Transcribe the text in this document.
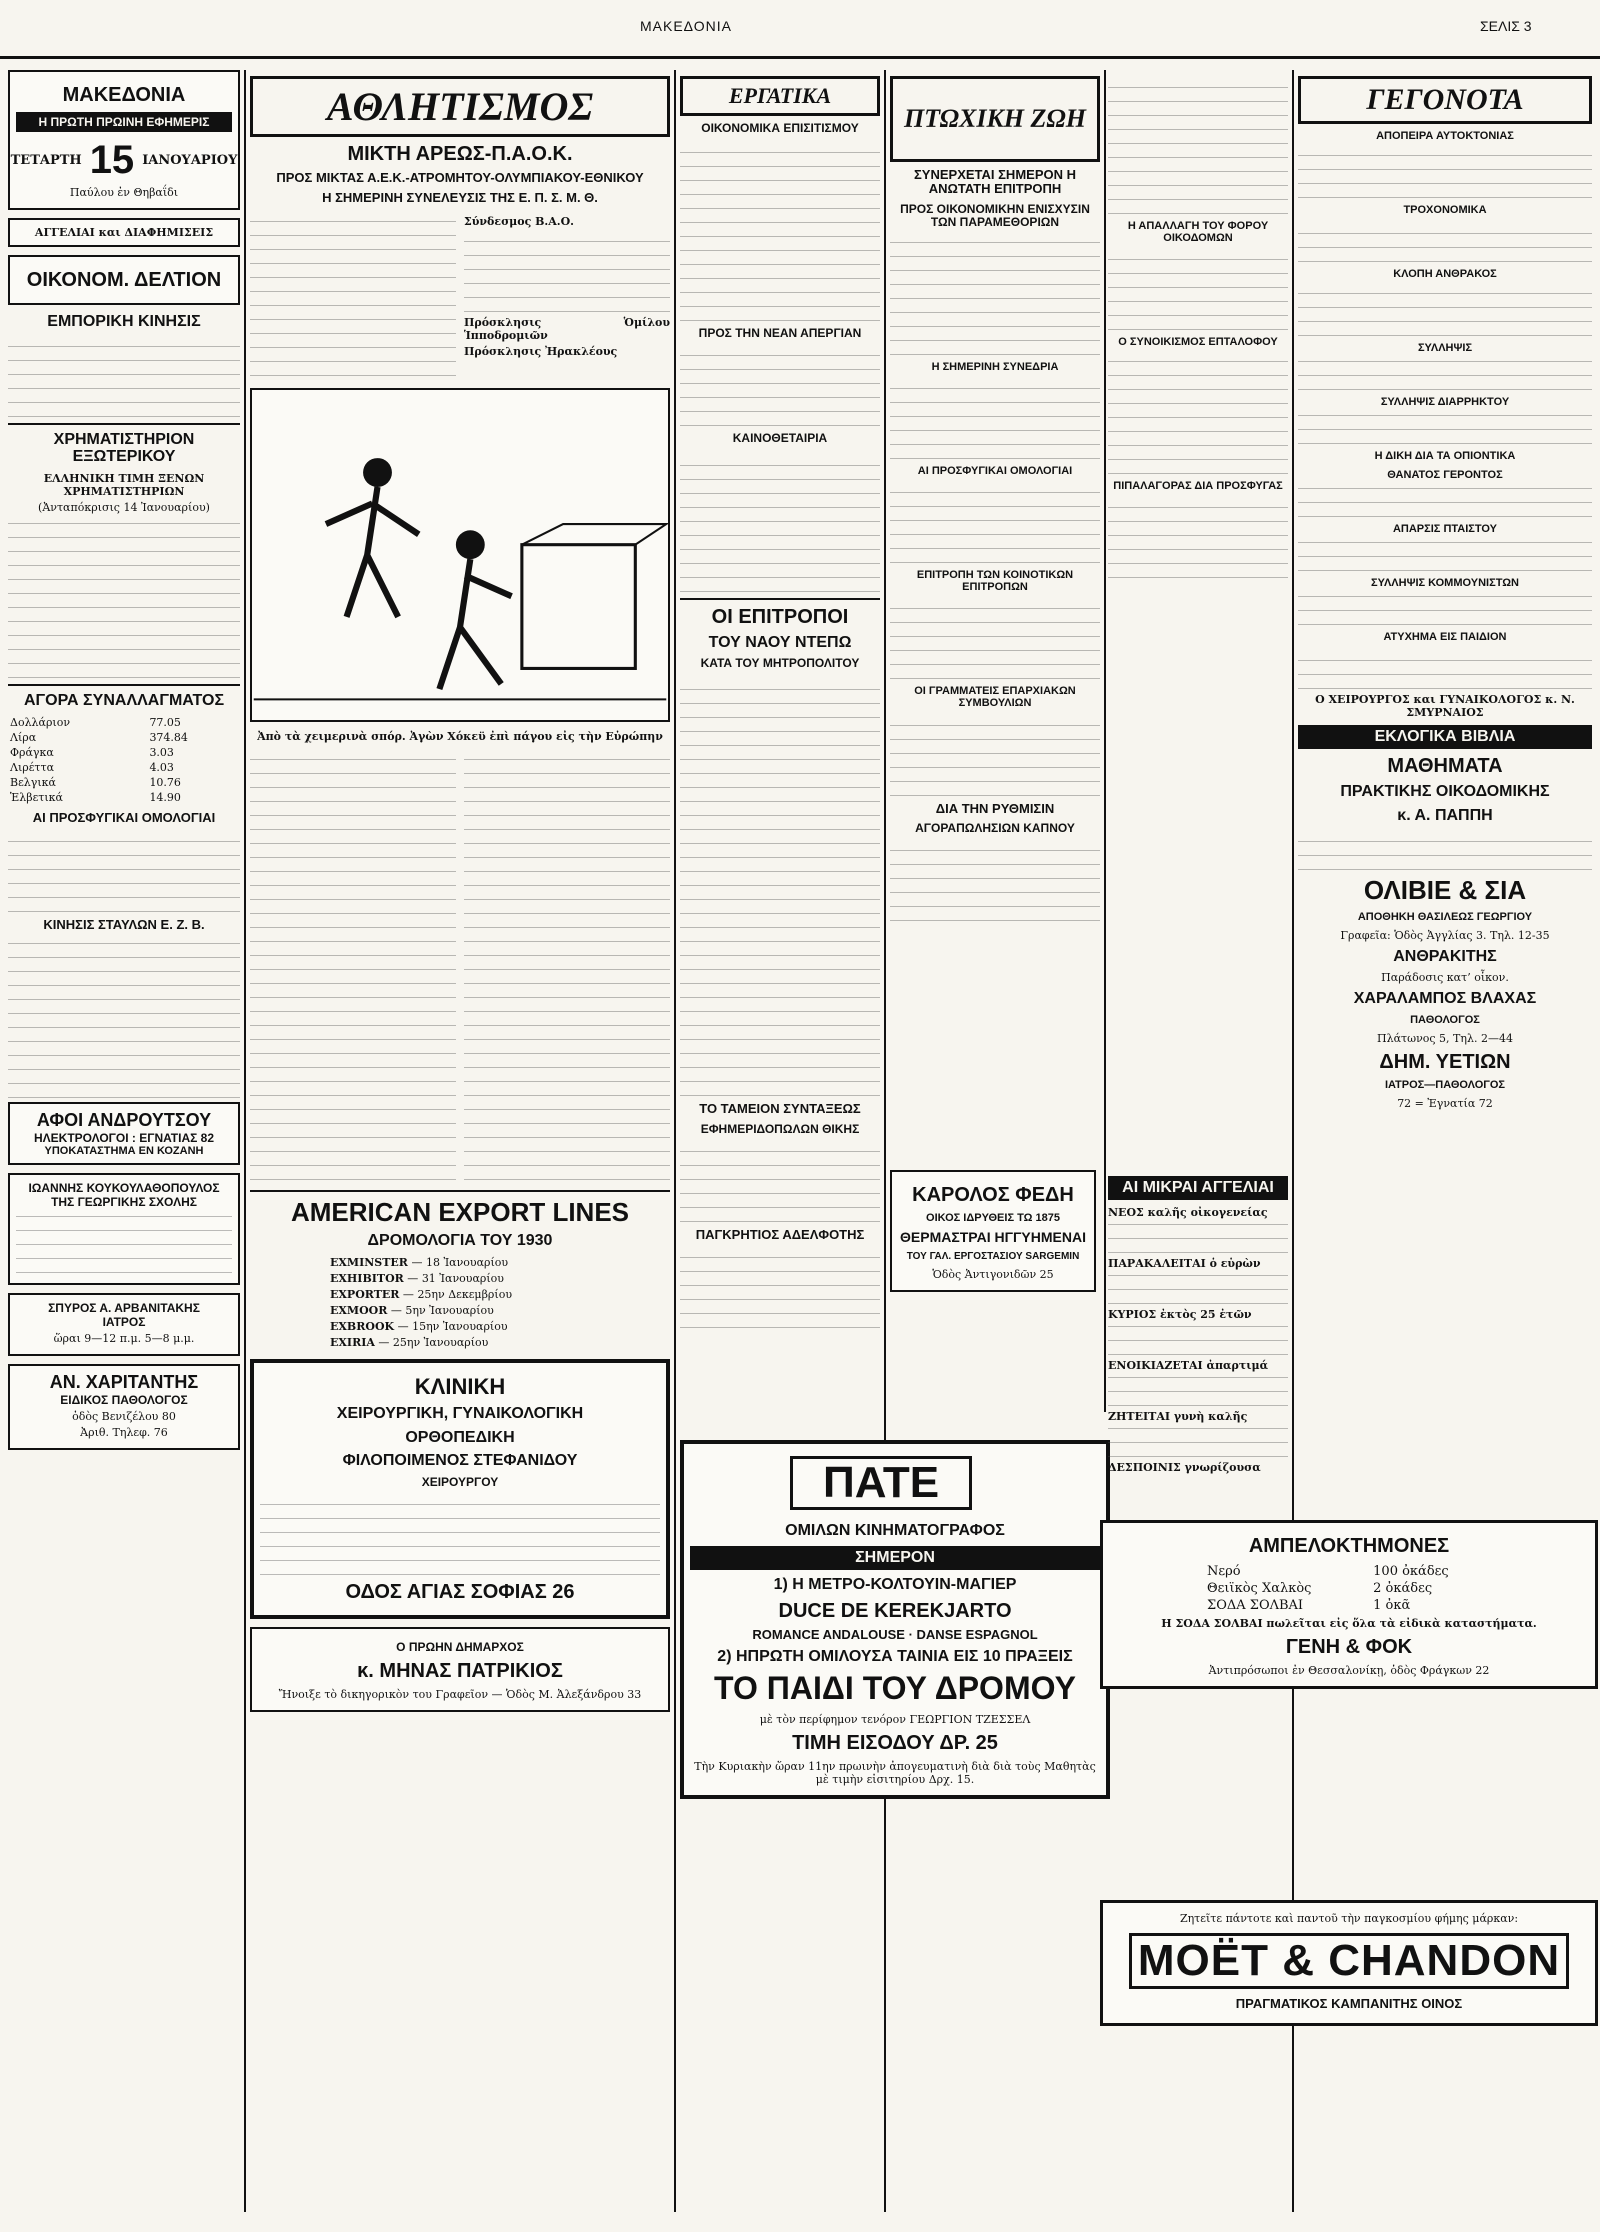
ΜΑΚΕΔΟΝΙΑ	ΣΕΛΙΣ 3
ΜΑΚΕΔΟΝΙΑ
Η ΠΡΩΤΗ ΠΡΩΙΝΗ ΕΦΗΜΕΡΙΣ
ΤΕΤΑΡΤΗ 15 ΙΑΝΟΥΑΡΙΟΥ
Παύλου ἐν Θηβαΐδι
ΑΓΓΕΛΙΑΙ και ΔΙΑΦΗΜΙΣΕΙΣ
ΟΙΚΟΝΟΜ. ΔΕΛΤΙΟΝ
ΕΜΠΟΡΙΚΗ ΚΙΝΗΣΙΣ
ΧΡΗΜΑΤΙΣΤΗΡΙΟΝ ΕΞΩΤΕΡΙΚΟΥ
ΕΛΛΗΝΙΚΗ ΤΙΜΗ ΞΕΝΩΝ ΧΡΗΜΑΤΙΣΤΗΡΙΩΝ
(Ἀνταπόκρισις 14 Ἰανουαρίου)
ΑΓΟΡΑ ΣΥΝΑΛΛΑΓΜΑΤΟΣ
Δολλάριον	77.05
Λίρα	374.84
Φράγκα	3.03
Λιρέττα	4.03
Βελγικά	10.76
Ἑλβετικά	14.90
ΑΙ ΠΡΟΣΦΥΓΙΚΑΙ ΟΜΟΛΟΓΙΑΙ
ΚΙΝΗΣΙΣ ΣΤΑΥΛΩΝ Ε. Ζ. Β.
ΑΦΟΙ ΑΝΔΡΟΥΤΣΟΥ
ΗΛΕΚΤΡΟΛΟΓΟΙ : ΕΓΝΑΤΙΑΣ 82
ΥΠΟΚΑΤΑΣΤΗΜΑ ΕΝ ΚΟΖΑΝΗ
ΙΩΑΝΝΗΣ ΚΟΥΚΟΥΛΑΘΟΠΟΥΛΟΣ
ΤΗΣ ΓΕΩΡΓΙΚΗΣ ΣΧΟΛΗΣ
ΣΠΥΡΟΣ Α. ΑΡΒΑΝΙΤΑΚΗΣ
ΙΑΤΡΟΣ
ὥραι 9—12 π.μ. 5—8 μ.μ.
ΑΝ. ΧΑΡΙΤΑΝΤΗΣ
ΕΙΔΙΚΟΣ ΠΑΘΟΛΟΓΟΣ
ὁδὸς Βενιζέλου 80
Ἀριθ. Τηλεφ. 76
ΑΘΛΗΤΙΣΜΟΣ
ΜΙΚΤΗ ΑΡΕΩΣ-Π.Α.Ο.Κ.
ΠΡΟΣ ΜΙΚΤΑΣ Α.Ε.Κ.-ΑΤΡΟΜΗΤΟΥ-ΟΛΥΜΠΙΑΚΟΥ-ΕΘΝΙΚΟΥ
Η ΣΗΜΕΡΙΝΗ ΣΥΝΕΛΕΥΣΙΣ ΤΗΣ Ε. Π. Σ. Μ. Θ.
Σύνδεσμος Β.Α.Ο.
Πρόσκλησις Ὁμίλου Ἱπποδρομιῶν
Πρόσκλησις Ἠρακλέους
Ἀπὸ τὰ χειμερινὰ σπόρ. Ἀγὼν Χόκεϋ ἐπὶ πάγου εἰς τὴν Εὐρώπην
AMERICAN EXPORT LINES
ΔΡΟΜΟΛΟΓΙΑ ΤΟΥ 1930
EXMINSTER — 18 Ἰανουαρίου
EXHIBITOR — 31 Ἰανουαρίου
EXPORTER — 25ην Δεκεμβρίου
EXMOOR — 5ην Ἰανουαρίου
EXBROOK — 15ην Ἰανουαρίου
EXIRIA — 25ην Ἰανουαρίου
ΚΛΙΝΙΚΗ
ΧΕΙΡΟΥΡΓΙΚΗ, ΓΥΝΑΙΚΟΛΟΓΙΚΗ
ΟΡΘΟΠΕΔΙΚΗ
ΦΙΛΟΠΟΙΜΕΝΟΣ ΣΤΕΦΑΝΙΔΟΥ
ΧΕΙΡΟΥΡΓΟΥ
ΟΔΟΣ ΑΓΙΑΣ ΣΟΦΙΑΣ 26
Ο ΠΡΩΗΝ ΔΗΜΑΡΧΟΣ
κ. ΜΗΝΑΣ ΠΑΤΡΙΚΙΟΣ
Ἤνοιξε τὸ δικηγορικὸν του Γραφεῖον — Ὁδὸς Μ. Ἀλεξάνδρου 33
ΕΡΓΑΤΙΚΑ
ΟΙΚΟΝΟΜΙΚΑ ΕΠΙΣΙΤΙΣΜΟΥ
ΠΡΟΣ ΤΗΝ ΝΕΑΝ ΑΠΕΡΓΙΑΝ
ΚΑΙΝΟΘΕΤΑΙΡΙΑ
ΟΙ ΕΠΙΤΡΟΠΟΙ
ΤΟΥ ΝΑΟΥ ΝΤΕΠΩ
ΚΑΤΑ ΤΟΥ ΜΗΤΡΟΠΟΛΙΤΟΥ
ΤΟ ΤΑΜΕΙΟΝ ΣΥΝΤΑΞΕΩΣ
ΕΦΗΜΕΡΙΔΟΠΩΛΩΝ ΘΙΚΗΣ
ΠΑΓΚΡΗΤΙΟΣ ΑΔΕΛΦΟΤΗΣ
ΠΑΤΕ
ΟΜΙΛΩΝ ΚΙΝΗΜΑΤΟΓΡΑΦΟΣ
ΣΗΜΕΡΟΝ
1) Η ΜΕΤΡΟ-ΚΟΛΤΟΥΙΝ-ΜΑΓΙΕΡ
DUCE DE KEREKJARTO
ROMANCE ANDALOUSE · DANSE ESPAGNOL
2) ΗΠΡΩΤΗ ΟΜΙΛΟΥΣΑ ΤΑΙΝΙΑ ΕΙΣ 10 ΠΡΑΞΕΙΣ
ΤΟ ΠΑΙΔΙ ΤΟΥ ΔΡΟΜΟΥ
μὲ τὸν περίφημον τενόρον ΓΕΩΡΓΙΟΝ ΤΖΕΣΣΕΛ
ΤΙΜΗ ΕΙΣΟΔΟΥ ΔΡ. 25
Τὴν Κυριακὴν ὥραν 11ην πρωινὴν ἀπογευματινὴ διὰ διὰ τοὺς Μαθητὰς μὲ τιμὴν εἰσιτηρίου Δρχ. 15.
ΠΤΩΧΙΚΗ ΖΩΗ
ΣΥΝΕΡΧΕΤΑΙ ΣΗΜΕΡΟΝ Η ΑΝΩΤΑΤΗ ΕΠΙΤΡΟΠΗ
ΠΡΟΣ ΟΙΚΟΝΟΜΙΚΗΝ ΕΝΙΣΧΥΣΙΝ ΤΩΝ ΠΑΡΑΜΕΘΟΡΙΩΝ
Η ΣΗΜΕΡΙΝΗ ΣΥΝΕΔΡΙΑ
ΑΙ ΠΡΟΣΦΥΓΙΚΑΙ ΟΜΟΛΟΓΙΑΙ
ΕΠΙΤΡΟΠΗ ΤΩΝ ΚΟΙΝΟΤΙΚΩΝ ΕΠΙΤΡΟΠΩΝ
ΟΙ ΓΡΑΜΜΑΤΕΙΣ ΕΠΑΡΧΙΑΚΩΝ ΣΥΜΒΟΥΛΙΩΝ
ΔΙΑ ΤΗΝ ΡΥΘΜΙΣΙΝ
ΑΓΟΡΑΠΩΛΗΣΙΩΝ ΚΑΠΝΟΥ
Η ΑΠΑΛΛΑΓΗ ΤΟΥ ΦΟΡΟΥ ΟΙΚΟΔΟΜΩΝ
Ο ΣΥΝΟΙΚΙΣΜΟΣ ΕΠΤΑΛΟΦΟΥ
ΠΙΠΑΛΑΓΟΡΑΣ ΔΙΑ ΠΡΟΣΦΥΓΑΣ
ΚΑΡΟΛΟΣ ΦΕΔΗ
ΟΙΚΟΣ ΙΔΡΥΘΕΙΣ ΤΩ 1875
ΘΕΡΜΑΣΤΡΑΙ ΗΓΓΥΗΜΕΝΑΙ
ΤΟΥ ΓΑΛ. ΕΡΓΟΣΤΑΣΙΟΥ SARGEMIN
Ὁδὸς Ἀντιγονιδῶν 25
ΑΙ ΜΙΚΡΑΙ ΑΓΓΕΛΙΑΙ
ΝΕΟΣ καλῆς οἰκογενείας
ΠΑΡΑΚΑΛΕΙΤΑΙ ὁ εὑρὼν
ΚΥΡΙΟΣ ἐκτὸς 25 ἐτῶν
ΕΝΟΙΚΙΑΖΕΤΑΙ ἀπαρτιμά
ΖΗΤΕΙΤΑΙ γυνὴ καλῆς
ΔΕΣΠΟΙΝΙΣ γνωρίζουσα
ΓΕΓΟΝΟΤΑ
ΑΠΟΠΕΙΡΑ ΑΥΤΟΚΤΟΝΙΑΣ
ΤΡΟΧΟΝΟΜΙΚΑ
ΚΛΟΠΗ ΑΝΘΡΑΚΟΣ
ΣΥΛΛΗΨΙΣ
ΣΥΛΛΗΨΙΣ ΔΙΑΡΡΗΚΤΟΥ
Η ΔΙΚΗ ΔΙΑ ΤΑ ΟΠΙΟΝΤΙΚΑ
ΘΑΝΑΤΟΣ ΓΕΡΟΝΤΟΣ
ΑΠΑΡΣΙΣ ΠΤΑΙΣΤΟΥ
ΣΥΛΛΗΨΙΣ ΚΟΜΜΟΥΝΙΣΤΩΝ
ΑΤΥΧΗΜΑ ΕΙΣ ΠΑΙΔΙΟΝ
Ο ΧΕΙΡΟΥΡΓΟΣ και ΓΥΝΑΙΚΟΛΟΓΟΣ κ. Ν. ΣΜΥΡΝΑΙΟΣ
ΕΚΛΟΓΙΚΑ ΒΙΒΛΙΑ
ΜΑΘΗΜΑΤΑ
ΠΡΑΚΤΙΚΗΣ ΟΙΚΟΔΟΜΙΚΗΣ
κ. Α. ΠΑΠΠΗ
ΟΛΙΒΙΕ & ΣΙΑ
ΑΠΟΘΗΚΗ ΘΑΣΙΛΕΩΣ ΓΕΩΡΓΙΟΥ
Γραφεῖα: Ὁδὸς Ἀγγλίας 3. Τηλ. 12-35
ΑΝΘΡΑΚΙΤΗΣ
Παράδοσις κατ’ οἶκον.
ΧΑΡΑΛΑΜΠΟΣ ΒΛΑΧΑΣ
ΠΑΘΟΛΟΓΟΣ
Πλάτωνος 5, Τηλ. 2—44
ΔΗΜ. ΥΕΤΙΩΝ
ΙΑΤΡΟΣ—ΠΑΘΟΛΟΓΟΣ
72 = Ἐγνατία 72
ΑΜΠΕΛΟΚΤΗΜΟΝΕΣ
Νερό	100 ὀκάδες
Θειϊκὸς Χαλκὸς	2 ὀκάδες
ΣΟΔΑ ΣΟΛΒΑΙ	1 ὀκᾶ
Η ΣΟΔΑ ΣΟΛΒΑΙ πωλεῖται εἰς ὅλα τὰ εἰδικὰ καταστήματα.
ΓΕΝΗ & ΦΟΚ
Ἀντιπρόσωποι ἐν Θεσσαλονίκῃ, ὁδὸς Φράγκων 22
Ζητεῖτε πάντοτε καὶ παντοῦ τὴν παγκοσμίου φήμης μάρκαν:
MOËT & CHANDON
ΠΡΑΓΜΑΤΙΚΟΣ ΚΑΜΠΑΝΙΤΗΣ ΟΙΝΟΣ
